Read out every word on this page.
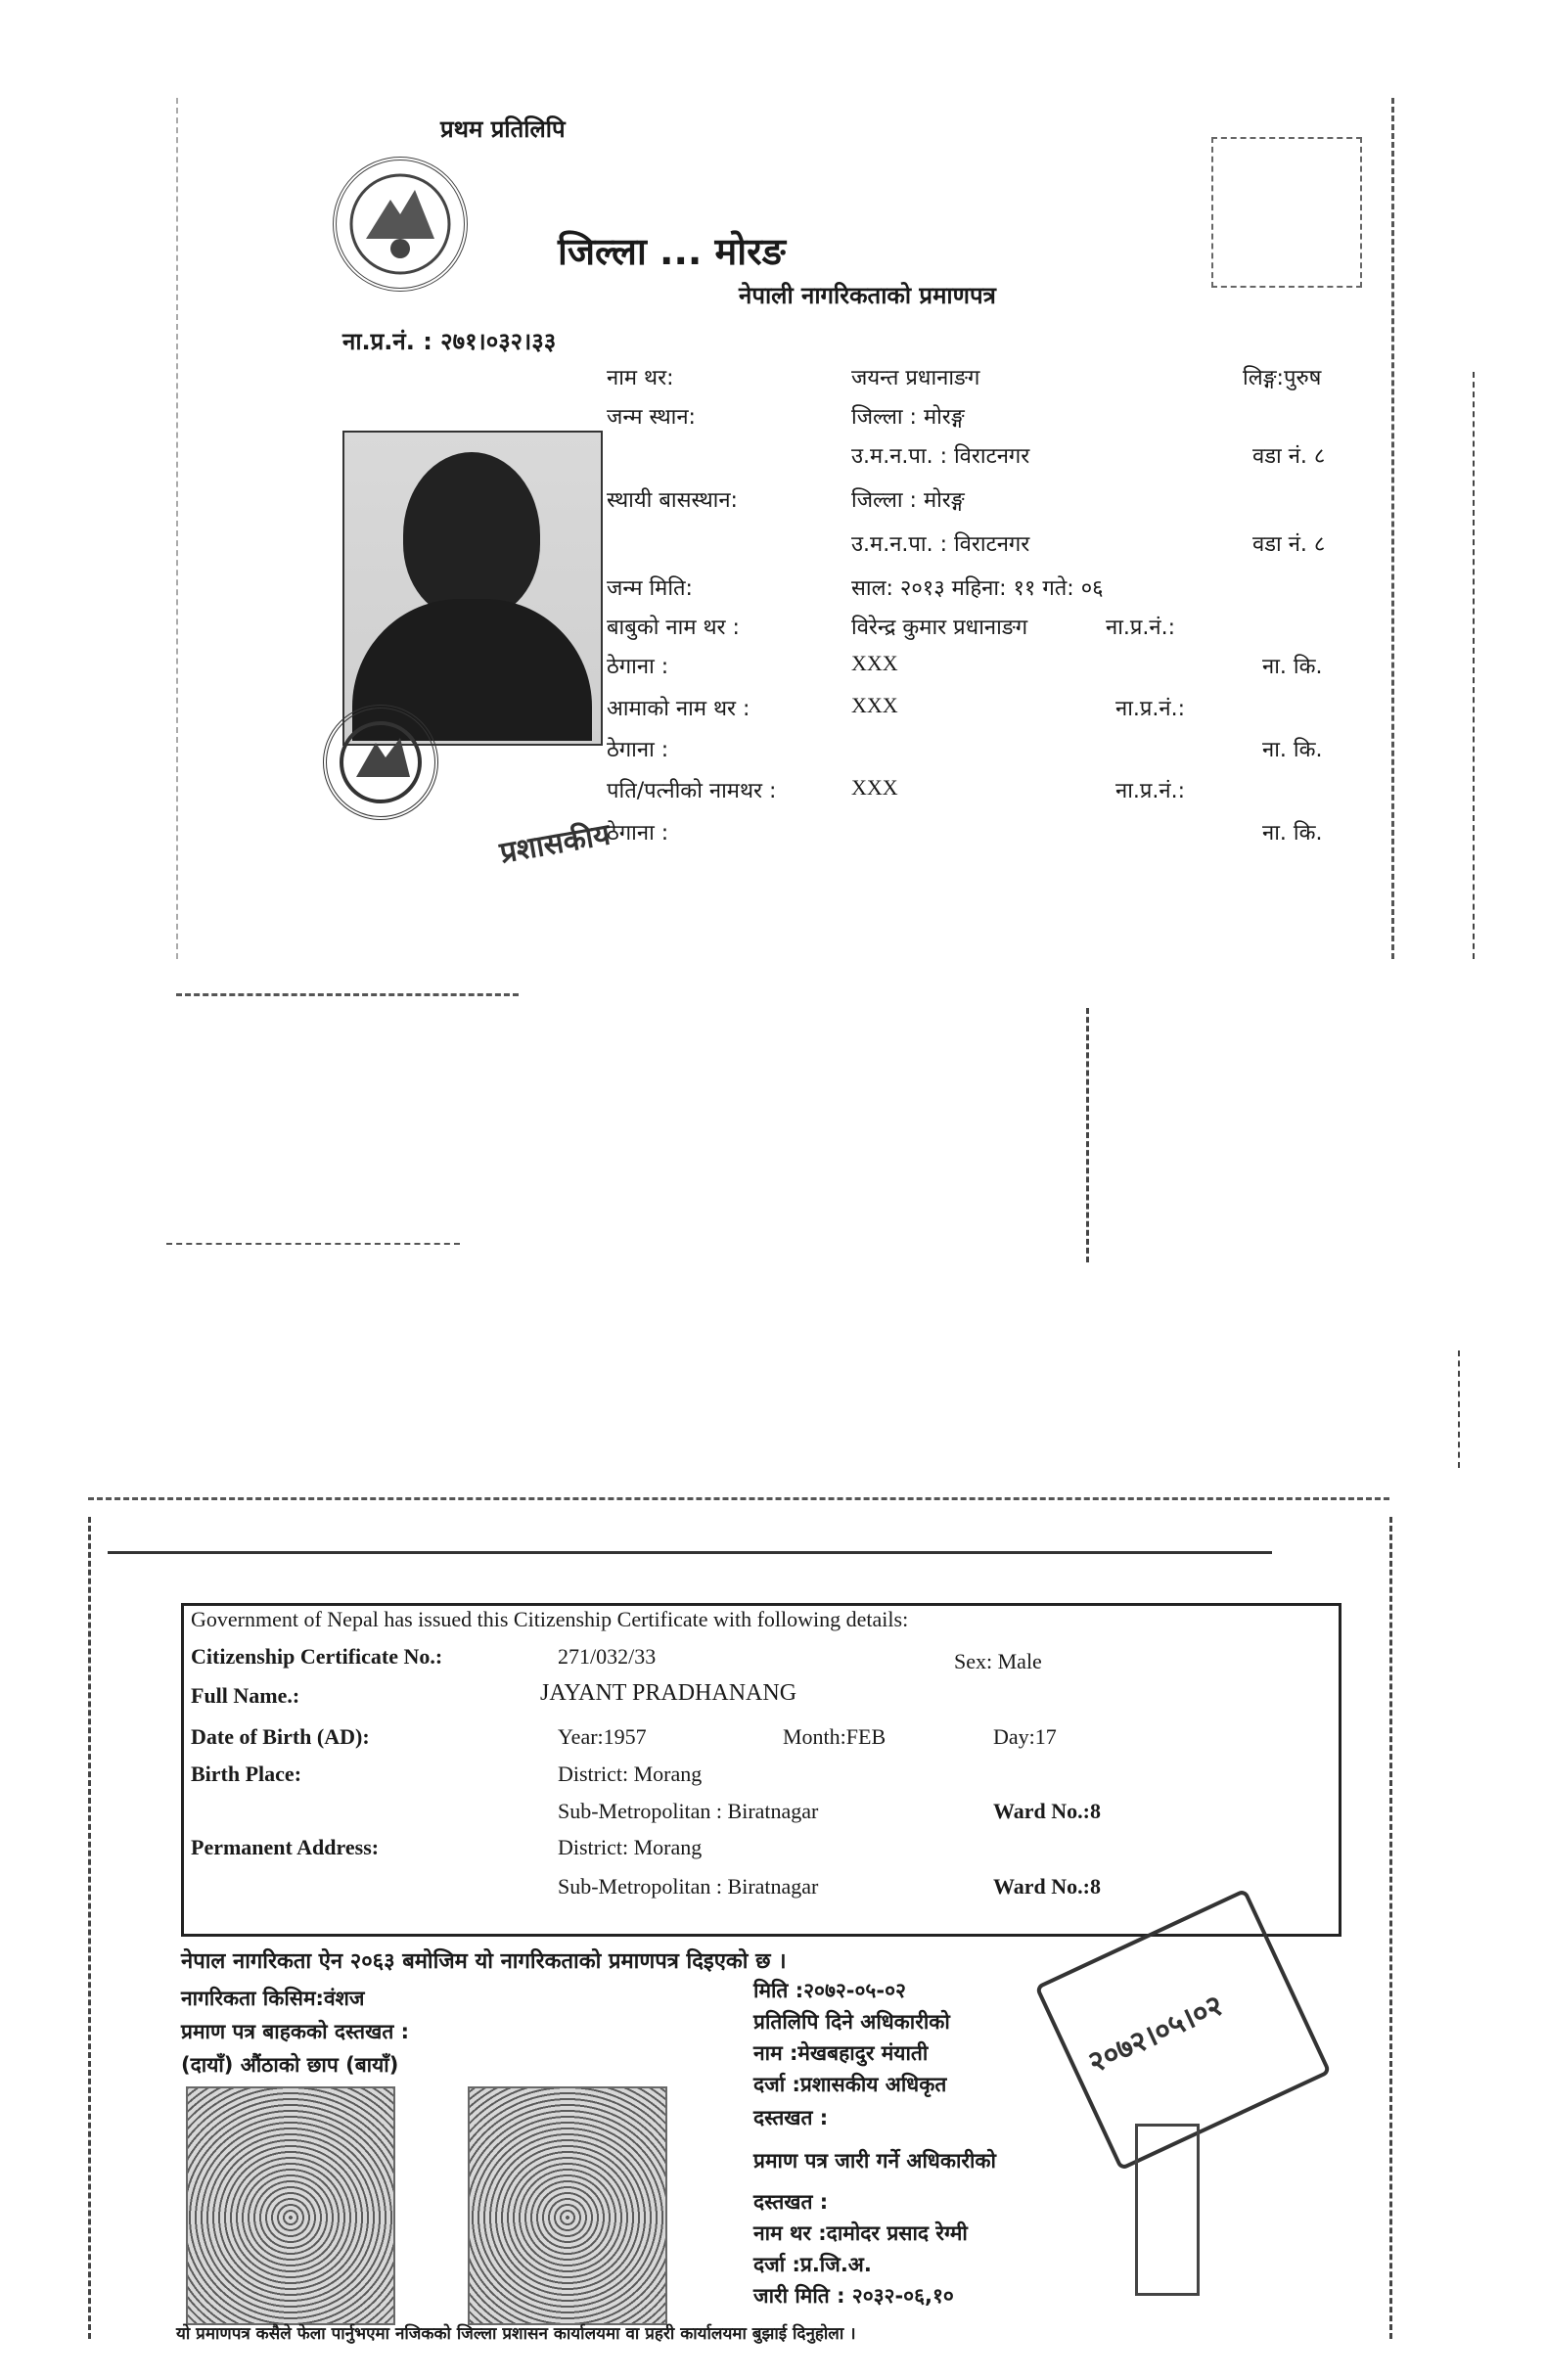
प्रथम प्रतिलिपि
जिल्ला ... मोरङ
नेपाली नागरिकताको प्रमाणपत्र
ना.प्र.नं. : २७१।०३२।३३
प्रशासकीय
नाम थर:	जयन्त प्रधानाङग	लिङ्ग:पुरुष
जन्म स्थान:	जिल्ला : मोरङ्ग
उ.म.न.पा. : विराटनगर	वडा नं. ८
स्थायी बासस्थान:	जिल्ला : मोरङ्ग
उ.म.न.पा. : विराटनगर	वडा नं. ८
जन्म मिति:	साल: २०१३ महिना: ११ गते: ०६
बाबुको नाम थर :	विरेन्द्र कुमार प्रधानाङग	ना.प्र.नं.:
ठेगाना :	XXX	ना. कि.
आमाको नाम थर :	XXX	ना.प्र.नं.:
ठेगाना :	ना. कि.
पति/पत्नीको नामथर :	XXX	ना.प्र.नं.:
ठेगाना :	ना. कि.
Government of Nepal has issued this Citizenship Certificate with following details:
Citizenship Certificate No.:	271/032/33	Sex: Male
Full Name.:	JAYANT PRADHANANG
Date of Birth (AD):	Year:1957	Month:FEB	Day:17
Birth Place:	District: Morang
Sub-Metropolitan : Biratnagar	Ward No.:8
Permanent Address:	District: Morang
Sub-Metropolitan : Biratnagar	Ward No.:8
नेपाल नागरिकता ऐन २०६३ बमोजिम यो नागरिकताको प्रमाणपत्र दिइएको छ ।
नागरिकता किसिम:वंशज
प्रमाण पत्र बाहकको दस्तखत :
(दायाँ) औंठाको छाप (बायाँ)
मिति :२०७२-०५-०२
प्रतिलिपि दिने अधिकारीको
नाम :मेखबहादुर मंयाती
दर्जा :प्रशासकीय अधिकृत
दस्तखत :
प्रमाण पत्र जारी गर्ने अधिकारीको
दस्तखत :
नाम थर :दामोदर प्रसाद रेग्मी
दर्जा :प्र.जि.अ.
जारी मिति : २०३२-०६,१०
२०७२।०५।०२
यो प्रमाणपत्र कसैले फेला पार्नुभएमा नजिकको जिल्ला प्रशासन कार्यालयमा वा प्रहरी कार्यालयमा बुझाई दिनुहोला ।
